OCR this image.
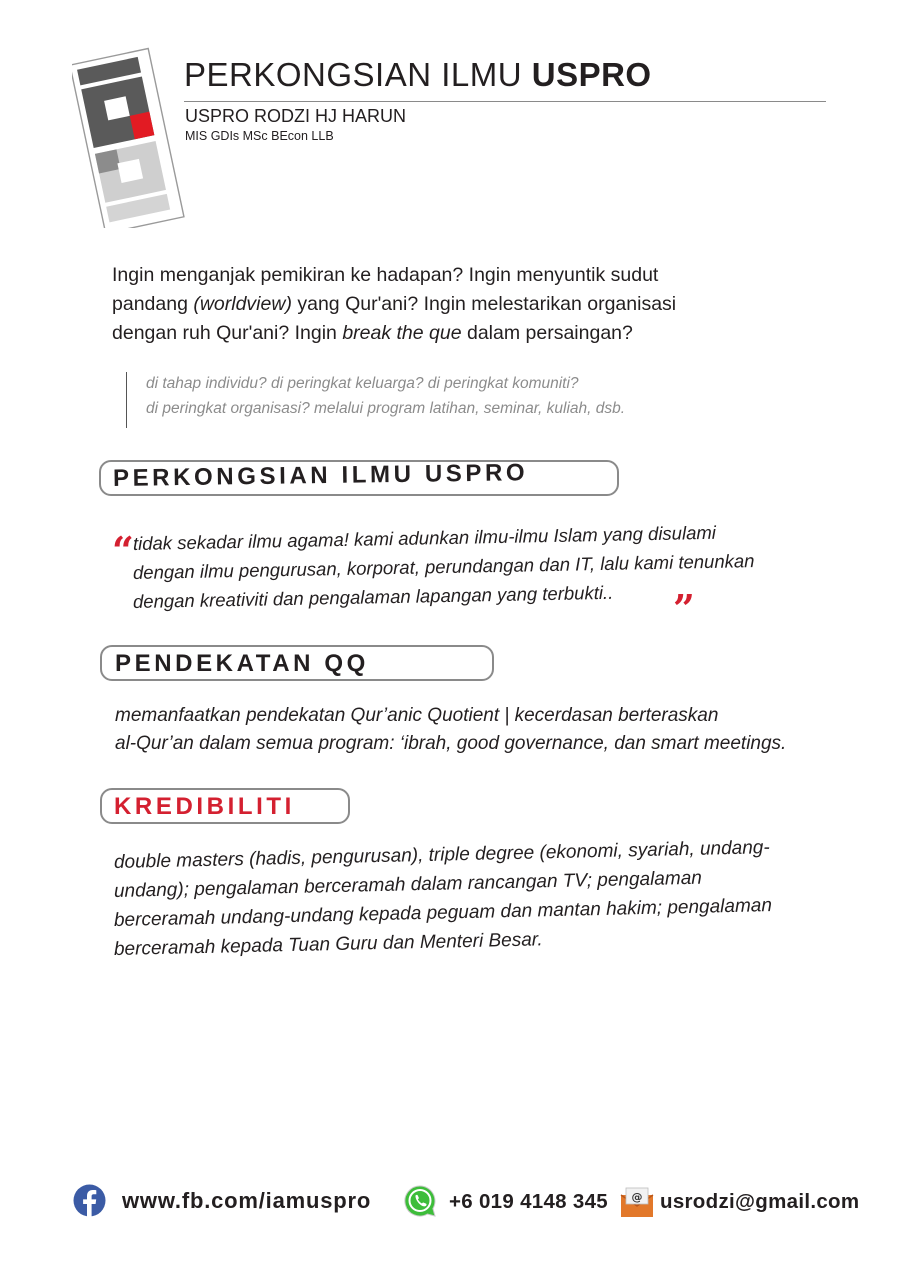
PERKONGSIAN ILMU USPRO
USPRO RODZI HJ HARUN
MIS GDIs MSc BEcon LLB
Ingin menganjak pemikiran ke hadapan? Ingin menyuntik sudut
pandang (worldview) yang Qur'ani? Ingin melestarikan organisasi
dengan ruh Qur'ani? Ingin break the que dalam persaingan?
di tahap individu? di peringkat keluarga? di peringkat komuniti?
di peringkat organisasi? melalui program latihan, seminar, kuliah, dsb.
PERKONGSIAN ILMU USPRO
“
tidak sekadar ilmu agama! kami adunkan ilmu-ilmu Islam yang disulami
dengan ilmu pengurusan, korporat, perundangan dan IT, lalu kami tenunkan
dengan kreativiti dan pengalaman lapangan yang terbukti.. ”
PENDEKATAN QQ
memanfaatkan pendekatan Qur’anic Quotient | kecerdasan berteraskan
al-Qur’an dalam semua program: ‘ibrah, good governance, dan smart meetings.
KREDIBILITI
double masters (hadis, pengurusan), triple degree (ekonomi, syariah, undang-
undang); pengalaman berceramah dalam rancangan TV; pengalaman
berceramah undang-undang kepada peguam dan mantan hakim; pengalaman
berceramah kepada Tuan Guru dan Menteri Besar.
www.fb.com/iamuspro	+6 019 4148 345 @ usrodzi@gmail.com
